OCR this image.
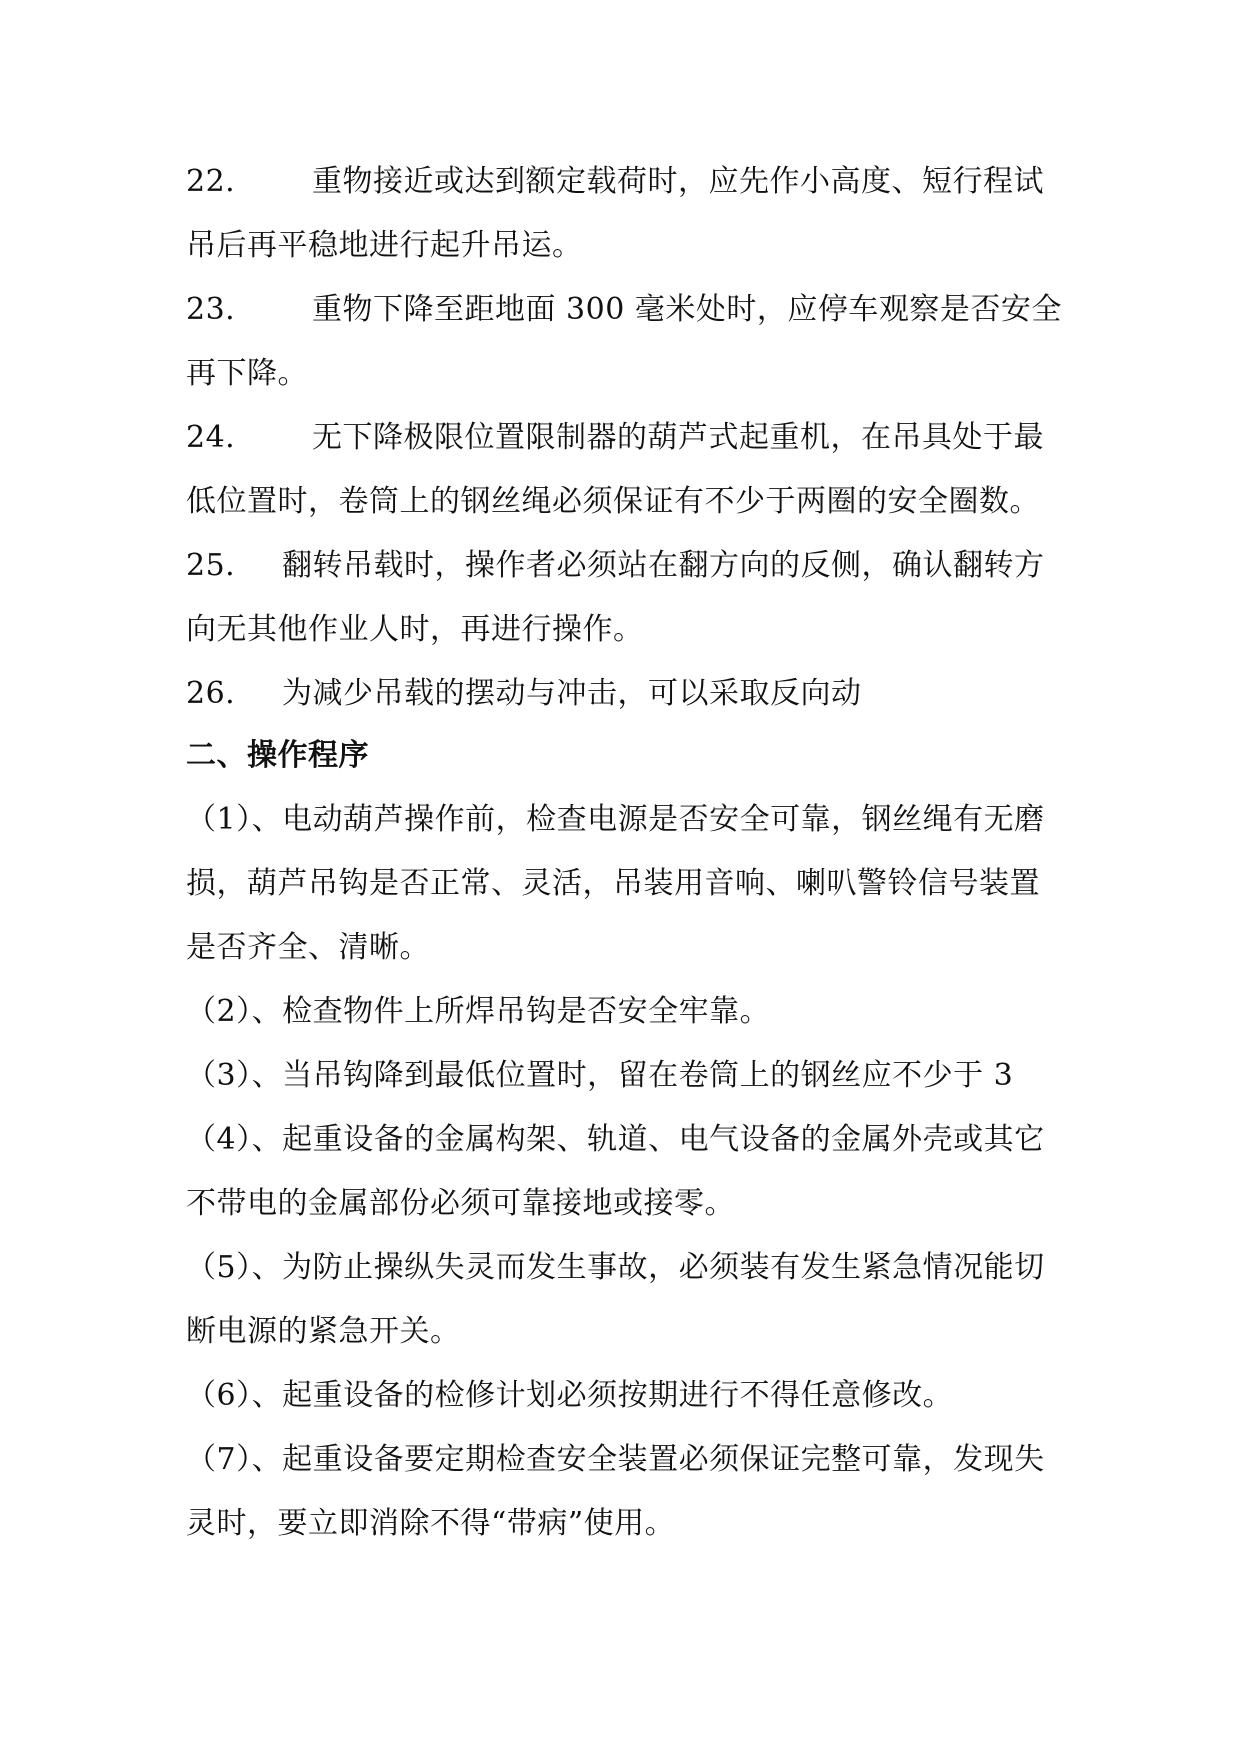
22.	重物接近或达到额定载荷时，应先作小高度、短行程试
吊后再平稳地进行起升吊运。
23.	重物下降至距地面 300 毫米处时，应停车观察是否安全
再下降。
24.	无下降极限位置限制器的葫芦式起重机，在吊具处于最
低位置时，卷筒上的钢丝绳必须保证有不少于两圈的安全圈数。
25. 翻转吊载时，操作者必须站在翻方向的反侧，确认翻转方
向无其他作业人时，再进行操作。
26. 为减少吊载的摆动与冲击，可以采取反向动
二、操作程序
（1）、电动葫芦操作前，检查电源是否安全可靠，钢丝绳有无磨
损，葫芦吊钩是否正常、灵活，吊装用音响、喇叭警铃信号装置
是否齐全、清晰。
（2）、检查物件上所焊吊钩是否安全牢靠。
（3）、当吊钩降到最低位置时，留在卷筒上的钢丝应不少于 3
（4）、起重设备的金属构架、轨道、电气设备的金属外壳或其它
不带电的金属部份必须可靠接地或接零。
（5）、为防止操纵失灵而发生事故，必须装有发生紧急情况能切
断电源的紧急开关。
（6）、起重设备的检修计划必须按期进行不得任意修改。
（7）、起重设备要定期检查安全装置必须保证完整可靠，发现失
灵时，要立即消除不得“带病”使用。
